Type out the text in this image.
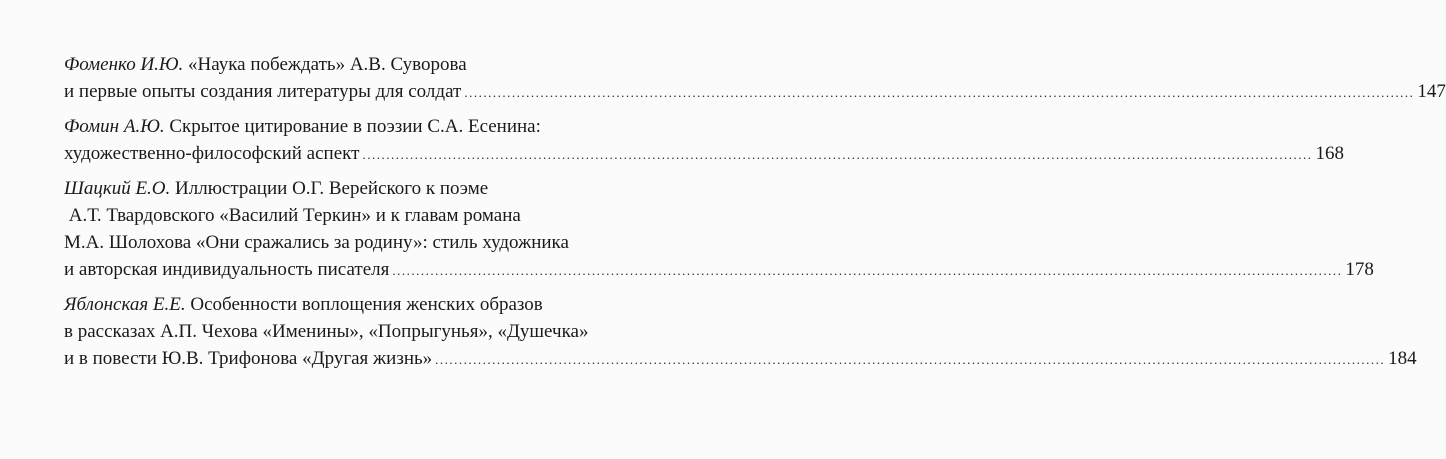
Фоменко И.Ю. «Наука побеждать» А.В. Суворова
и первые опыты создания литературы для солдат ........................................................................................................................................................................................................ 147
Фомин А.Ю. Скрытое цитирование в поэзии С.А. Есенина:
художественно-философский аспект ........................................................................................................................................................................................................ 168
Шацкий Е.О. Иллюстрации О.Г. Верейского к поэме
А.Т. Твардовского «Василий Теркин» и к главам романа
М.А. Шолохова «Они сражались за родину»: стиль художника
и авторская индивидуальность писателя ........................................................................................................................................................................................................ 178
Яблонская Е.Е. Особенности воплощения женских образов
в рассказах А.П. Чехова «Именины», «Попрыгунья», «Душечка»
и в повести Ю.В. Трифонова «Другая жизнь» ........................................................................................................................................................................................................ 184
